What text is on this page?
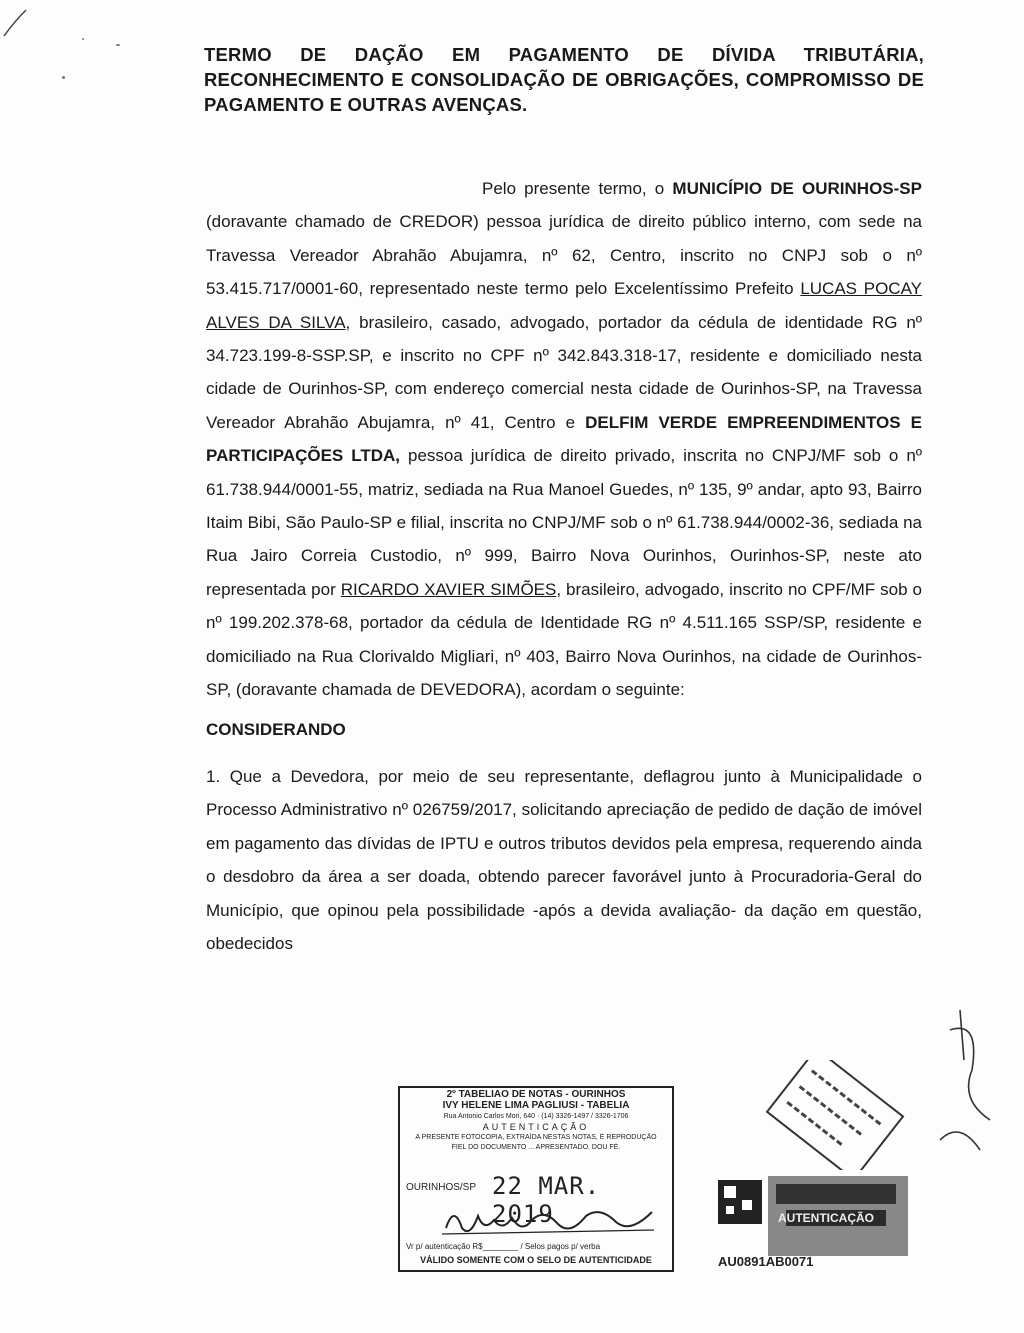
TERMO DE DAÇÃO EM PAGAMENTO DE DÍVIDA TRIBUTÁRIA, RECONHECIMENTO E CONSOLIDAÇÃO DE OBRIGAÇÕES, COMPROMISSO DE PAGAMENTO E OUTRAS AVENÇAS.

Pelo presente termo, o MUNICÍPIO DE OURINHOS-SP (doravante chamado de CREDOR) pessoa jurídica de direito público interno, com sede na Travessa Vereador Abrahão Abujamra, nº 62, Centro, inscrito no CNPJ sob o nº 53.415.717/0001-60, representado neste termo pelo Excelentíssimo Prefeito LUCAS POCAY ALVES DA SILVA, brasileiro, casado, advogado, portador da cédula de identidade RG nº 34.723.199-8-SSP.SP, e inscrito no CPF nº 342.843.318-17, residente e domiciliado nesta cidade de Ourinhos-SP, com endereço comercial nesta cidade de Ourinhos-SP, na Travessa Vereador Abrahão Abujamra, nº 41, Centro e DELFIM VERDE EMPREENDIMENTOS E PARTICIPAÇÕES LTDA, pessoa jurídica de direito privado, inscrita no CNPJ/MF sob o nº 61.738.944/0001-55, matriz, sediada na Rua Manoel Guedes, nº 135, 9º andar, apto 93, Bairro Itaim Bibi, São Paulo-SP e filial, inscrita no CNPJ/MF sob o nº 61.738.944/0002-36, sediada na Rua Jairo Correia Custodio, nº 999, Bairro Nova Ourinhos, Ourinhos-SP, neste ato representada por RICARDO XAVIER SIMÕES, brasileiro, advogado, inscrito no CPF/MF sob o nº 199.202.378-68, portador da cédula de Identidade RG nº 4.511.165 SSP/SP, residente e domiciliado na Rua Clorivaldo Migliari, nº 403, Bairro Nova Ourinhos, na cidade de Ourinhos-SP, (doravante chamada de DEVEDORA), acordam o seguinte:

CONSIDERANDO

1. Que a Devedora, por meio de seu representante, deflagrou junto à Municipalidade o Processo Administrativo nº 026759/2017, solicitando apreciação de pedido de dação de imóvel em pagamento das dívidas de IPTU e outros tributos devidos pela empresa, requerendo ainda o desdobro da área a ser doada, obtendo parecer favorável junto à Procuradoria-Geral do Município, que opinou pela possibilidade -após a devida avaliação- da dação em questão, obedecidos

2º TABELIÃO DE NOTAS - OURINHOS
IVY HELENE LIMA PAGLIUSI - TABELIÃ
Rua Antonio Carlos Mori, 640 · (14) 3326-1497 / 3326-1706
AUTENTICAÇÃO
A PRESENTE FOTOCÓPIA, EXTRAÍDA NESTAS NOTAS, É REPRODUÇÃO
FIEL DO DOCUMENTO ... APRESENTADO. DOU FÉ.
OURINHOS/SP 22 MAR. 2019
Vr p/ autenticação R$________ / Selos pagos p/ verba
VÁLIDO SOMENTE COM O SELO DE AUTENTICIDADE
AUTENTICAÇÃO
AU0891AB0071
